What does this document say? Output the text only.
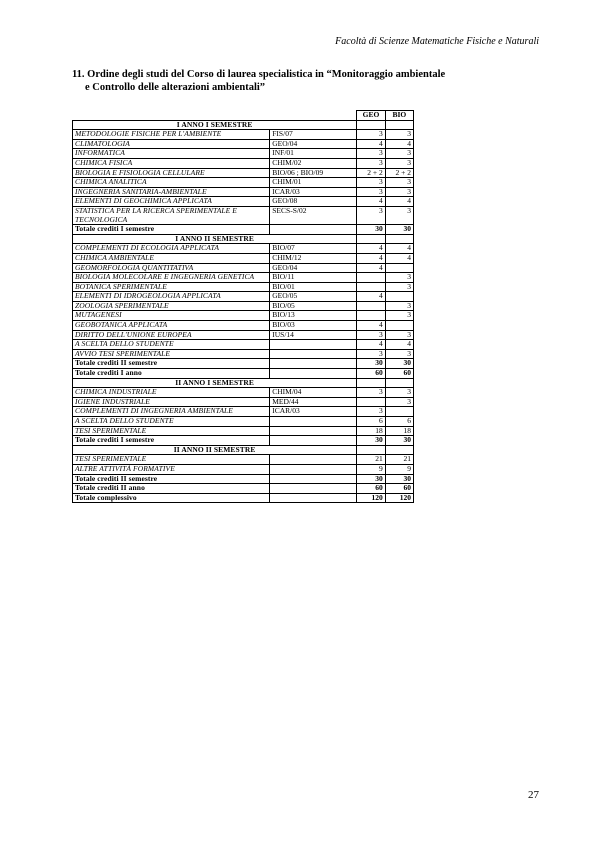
Facoltà di Scienze Matematiche Fisiche e Naturali
11. Ordine degli studi del Corso di laurea specialistica in “Monitoraggio ambientale
e Controllo delle alterazioni ambientali”
		GEO	BIO
I ANNO I SEMESTRE			
METODOLOGIE FISICHE PER L'AMBIENTE	FIS/07	3	3
CLIMATOLOGIA	GEO/04	4	4
INFORMATICA	INF/01	3	3
CHIMICA FISICA	CHIM/02	3	3
BIOLOGIA E FISIOLOGIA CELLULARE	BIO/06 ; BIO/09	2 + 2	2 + 2
CHIMICA ANALITICA	CHIM/01	3	3
INGEGNERIA SANITARIA-AMBIENTALE	ICAR/03	3	3
ELEMENTI DI GEOCHIMICA APPLICATA	GEO/08	4	4
STATISTICA PER LA RICERCA SPERIMENTALE E TECNOLOGICA	SECS-S/02	3	3
Totale crediti I semestre		30	30
I ANNO II SEMESTRE			
COMPLEMENTI DI ECOLOGIA APPLICATA	BIO/07	4	4
CHIMICA AMBIENTALE	CHIM/12	4	4
GEOMORFOLOGIA QUANTITATIVA	GEO/04	4	
BIOLOGIA MOLECOLARE E INGEGNERIA GENETICA	BIO/11		3
BOTANICA SPERIMENTALE	BIO/01		3
ELEMENTI DI IDROGEOLOGIA APPLICATA	GEO/05	4	
ZOOLOGIA SPERIMENTALE	BIO/05		3
MUTAGENESI	BIO/13		3
GEOBOTANICA APPLICATA	BIO/03	4	
DIRITTO DELL'UNIONE EUROPEA	IUS/14	3	3
A SCELTA DELLO STUDENTE		4	4
AVVIO TESI SPERIMENTALE		3	3
Totale crediti II semestre		30	30
Totale crediti I anno		60	60
II ANNO I SEMESTRE			
CHIMICA INDUSTRIALE	CHIM/04	3	3
IGIENE INDUSTRIALE	MED/44		3
COMPLEMENTI DI INGEGNERIA AMBIENTALE	ICAR/03	3	
A SCELTA DELLO STUDENTE		6	6
TESI SPERIMENTALE		18	18
Totale crediti I semestre		30	30
II ANNO II SEMESTRE			
TESI SPERIMENTALE		21	21
ALTRE ATTIVITÀ FORMATIVE		9	9
Totale crediti II semestre		30	30
Totale crediti II anno		60	60
Totale complessivo		120	120
27
